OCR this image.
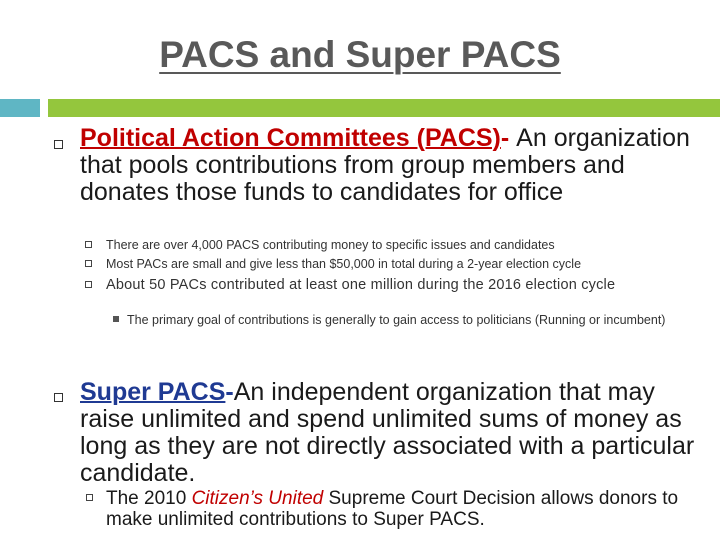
PACS and Super PACS
Political Action Committees (PACS)- An organization that pools contributions from group members and donates those funds to candidates for office
There are over 4,000 PACS contributing money to specific issues and candidates
Most PACs are small and give less than $50,000 in total during a 2-year election cycle
About 50 PACs contributed at least one million during the 2016 election cycle
The primary goal of contributions is generally to gain access to politicians (Running or incumbent)
Super PACS-An independent organization that may raise unlimited and spend unlimited sums of money as long as they are not directly associated with a particular candidate.
The 2010 Citizen’s United Supreme Court Decision allows donors to make unlimited contributions to Super PACS.
